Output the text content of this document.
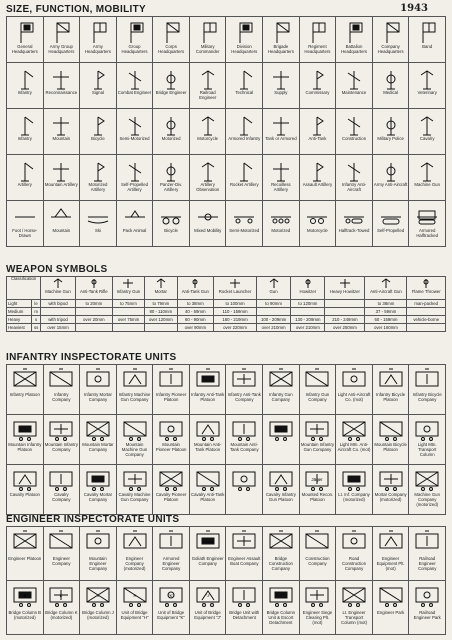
1943
SIZE, FUNCTION, MOBILITY
General Headquarters
Army Group Headquarters
Army Headquarters
Group Headquarters
Corps Headquarters
Military Commander
Division Headquarters
Brigade Headquarters
Regiment Headquarters
Battalion Headquarters
Company Headquarters
Band
Infantry	Reconnaissance	Signal	Combat Engineer Bridge Engineer	Railroad Engineer
Technical	Supply	Commissary	Maintenance	Medical	Veterinary
Infantry	Mountain	Bicycle	Semi-Motorized	Motorized	Motorcycle Armored Infantry Tank or Armored	Anti-Tank	Construction	Military Police	Cavalry
Artillery	Mountain Artillery	Motorized Artillery
Self-Propelled Artillery
Panzer-Div. Artillery
Artillery Observation
Rocket Artillery	Recoilless Artillery
Assault Artillery	Infantry Anti-Aircraft
Army Anti-Aircraft Machine Gun
Foot / Horse-Drawn
Mountain	Ski	Pack Animal	Bicycle	Mixed Mobility Semi-Motorized	Motorized	Motorcycle	Halftrack-Towed Self-Propelled	Armored Halftracked
WEAPON SYMBOLS
Classification		Machine Gun	Anti-Tank Rifle	Infantry Gun	Mortar	Anti-Tank Gun	Rocket Launcher	Gun	Howitzer	Heavy Howitzer	Anti-Aircraft Gun	Flame Thrower

Light	le	with bipod	to 20mm	to 75mm	to 79mm	to 38mm	to 100mm	to 90mm	to 120mm		to 38mm	man-packed
Medium	m				80 - 110mm	40 - 59mm	110 - 159mm				37 - 59mm	
Heavy	s	with tripod	over 20mm	over 75mm	over 120mm	60 - 90mm	160 - 219mm	100 - 209mm	130 - 209mm	210 - 249mm	60 - 159mm	vehicle-borne
Heaviest	ss	over 15mm				over 90mm	over 220mm	over 210mm	over 210mm	over 250mm	over 160mm	
INFANTRY INSPECTORATE UNITS
Infantry Platoon	Infantry Company
Infantry Mortar Company
Infantry Machine Gun Company
Infantry Pioneer Platoon
Infantry Anti-Tank Platoon
Infantry Anti-Tank Company
Infantry Gun Company
Infantry Gun Company
Light Anti-Aircraft Co. (mot)
Infantry Bicycle Platoon
Infantry Bicycle Company
Mountain Infantry Platoon
Mountain Infantry Company
Mountain Mortar Company
Mountain Machine Gun Company
Mountain Pioneer Platoon
Mountain Anti-Tank Platoon
Mountain Anti-Tank Company
Mountain Infantry Gun Company
Light Mtn. Anti-Aircraft Co. (mot)
Mountain Bicycle Platoon
Light Mtn. Transport Column
Cavalry Platoon	Cavalry Company
Cavalry Mortar Company
Cavalry Machine Gun Company
Cavalry Pioneer Platoon
Cavalry Anti-Tank Platoon
Cavalry Infantry Gun Platoon
Jäger
Mounted Recon. Platoon
Lt. Inf. Company (motorized)
Mortar Company (motorized)
Machine Gun Company (motorized)
ENGINEER INSPECTORATE UNITS
Engineer Platoon	Engineer Company
Mountain Engineer Company
Engineer Company (motorized)
Armored Engineer Company
Goliath
Goliath Engineer Company
Engineer Assault Boat Company
Bridge Construction Company
Construction Company
Road Construction Company
Engineer Equipment Plt. (mot)
Railroad Engineer Company
B
Bridge Column B (motorized)
K
Bridge Column K (motorized)
J
Bridge Column J (motorized)
H
Unit of Bridge Equipment "H"
"K"
Unit of Bridge Equipment "K"
"J"
Unit of Bridge Equipment "J"
Bridge Unit with Detachment
Bridge Column Unit & Escort Detachment
Engineer Siege Clearing Plt. (mot)
Lt. Engineer Transport Column (mot)
Engineer Park	Railroad Engineer Park
